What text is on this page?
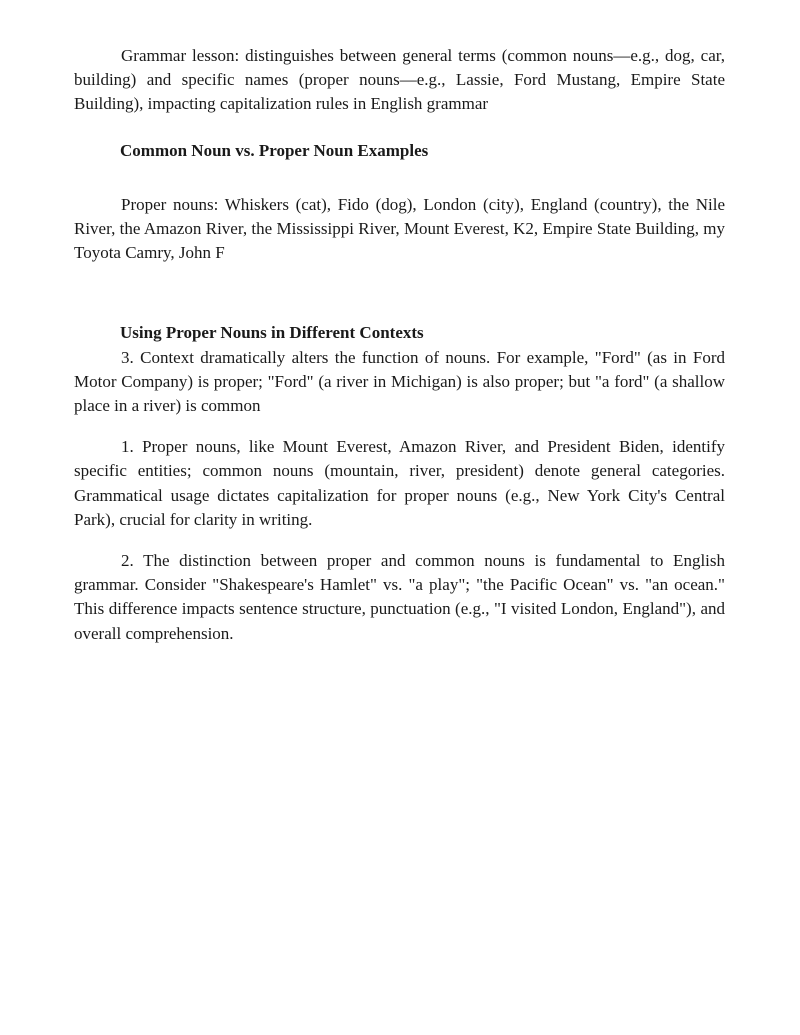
Grammar lesson: distinguishes between general terms (common nouns—e.g., dog, car, building) and specific names (proper nouns—e.g., Lassie, Ford Mustang, Empire State Building), impacting capitalization rules in English grammar

Common Noun vs. Proper Noun Examples

Proper nouns: Whiskers (cat), Fido (dog), London (city), England (country), the Nile River, the Amazon River, the Mississippi River, Mount Everest, K2, Empire State Building, my Toyota Camry, John F

Using Proper Nouns in Different Contexts

3. Context dramatically alters the function of nouns. For example, "Ford" (as in Ford Motor Company) is proper; "Ford" (a river in Michigan) is also proper; but "a ford" (a shallow place in a river) is common

1. Proper nouns, like Mount Everest, Amazon River, and President Biden, identify specific entities; common nouns (mountain, river, president) denote general categories. Grammatical usage dictates capitalization for proper nouns (e.g., New York City's Central Park), crucial for clarity in writing.

2. The distinction between proper and common nouns is fundamental to English grammar. Consider "Shakespeare's Hamlet" vs. "a play"; "the Pacific Ocean" vs. "an ocean." This difference impacts sentence structure, punctuation (e.g., "I visited London, England"), and overall comprehension.
